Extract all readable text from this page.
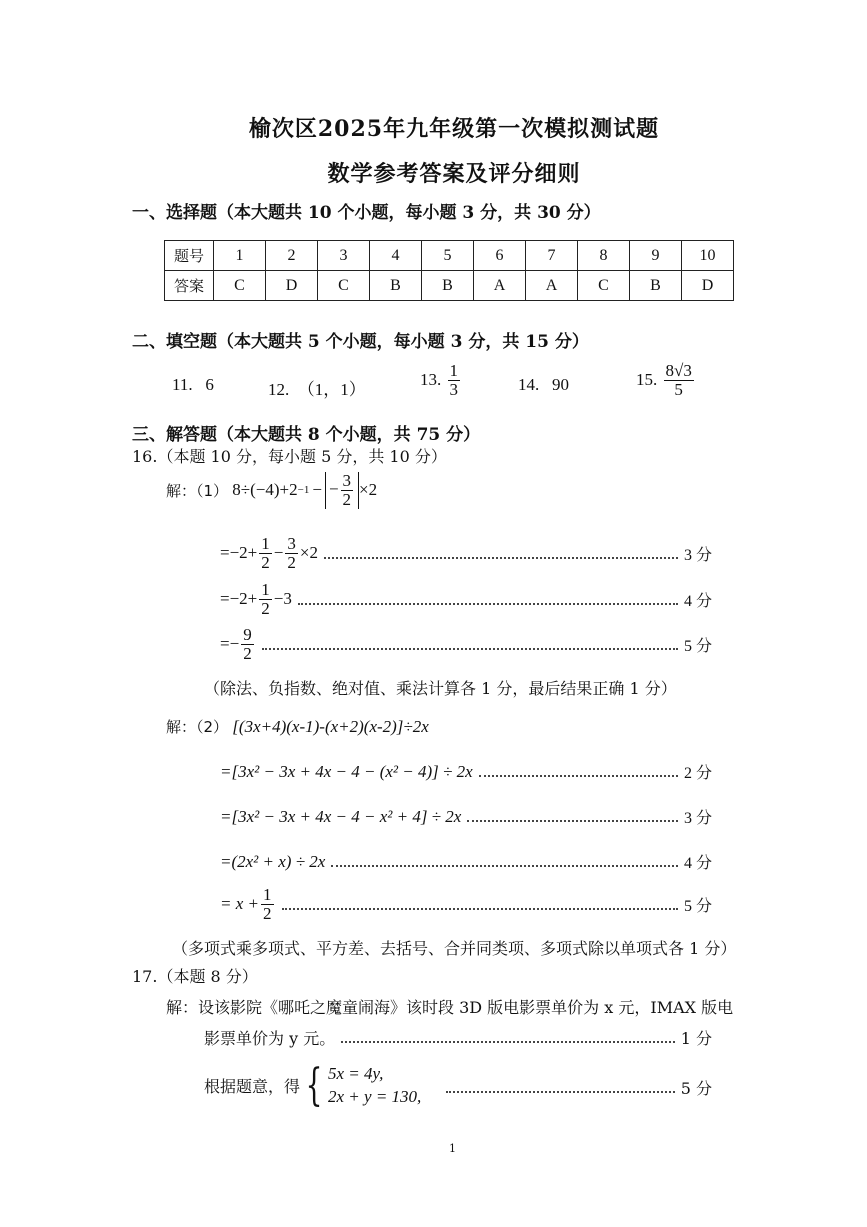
榆次区2025年九年级第一次模拟测试题
数学参考答案及评分细则
一、选择题（本大题共 10 个小题，每小题 3 分，共 30 分）
题号	1	2	3	4	5	6	7	8	9	10
答案	C	D	C	B	B	A	A	C	B	D
二、填空题（本大题共 5 个小题，每小题 3 分，共 15 分）
11. 6	12. （1，1）
13.
$\frac{1}{3}$	14. 90	15.
$\frac{8√3}{5}$
三、解答题（本大题共 8 个小题，共 75 分）
16.（本题 10 分，每小题 5 分，共 10 分）
解：（1）
8÷(−4)+2 −1 − − $\frac{3}{2} \times 2$
$=-2+ \frac{1}{2} - \frac{3}{2} \times 2$	3 分
$=-2+ \frac{1}{2} -3$	4 分
=− $\frac{9}{2}$	5 分
（除法、负指数、绝对值、乘法计算各 1 分，最后结果正确 1 分）
解：（2） [(3x+4)(x-1)-(x+2)(x-2)]÷2x
=[3x² − 3x + 4x − 4 − (x² − 4)] ÷ 2x	2 分
=[3x² − 3x + 4x − 4 − x² + 4] ÷ 2x	3 分
=(2x² + x) ÷ 2x	4 分
= $x + \frac{1}{2}$	5 分
（多项式乘多项式、平方差、去括号、合并同类项、多项式除以单项式各 1 分）
17.（本题 8 分）
解：设该影院《哪吒之魔童闹海》该时段 3D 版电影票单价为 x 元，IMAX 版电
影票单价为 y 元。	1 分
根据题意，得 { 5x = 4y,
2x + y = 130,	5 分
1
